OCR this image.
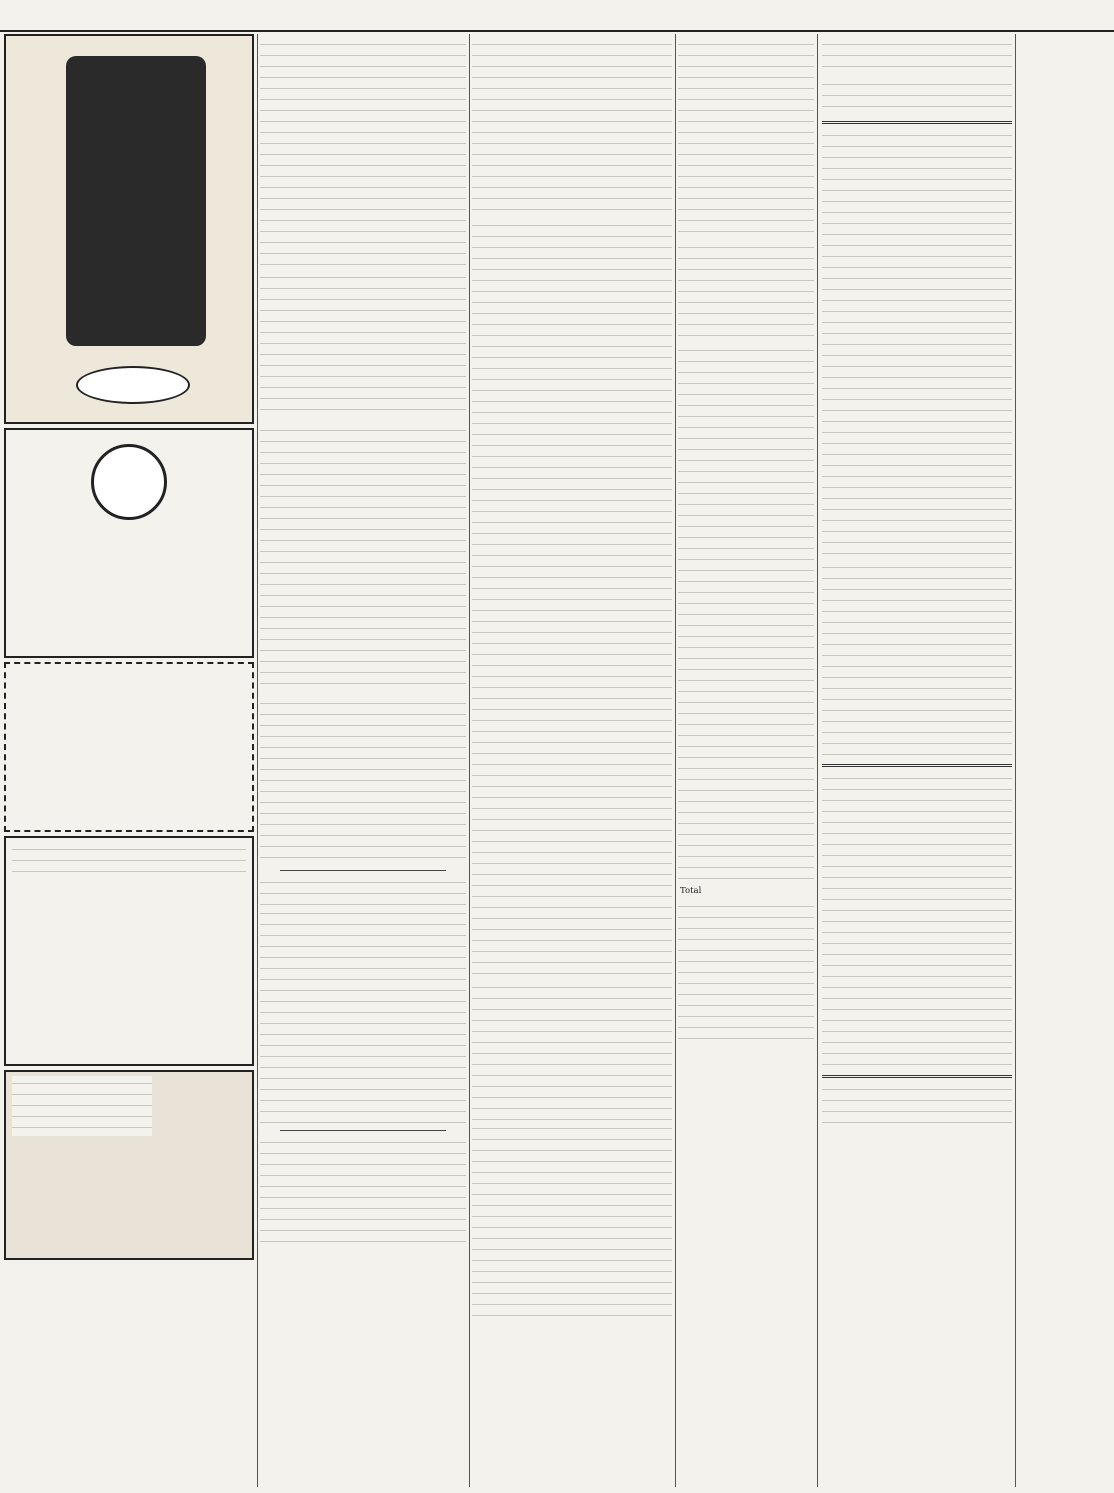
Total		
